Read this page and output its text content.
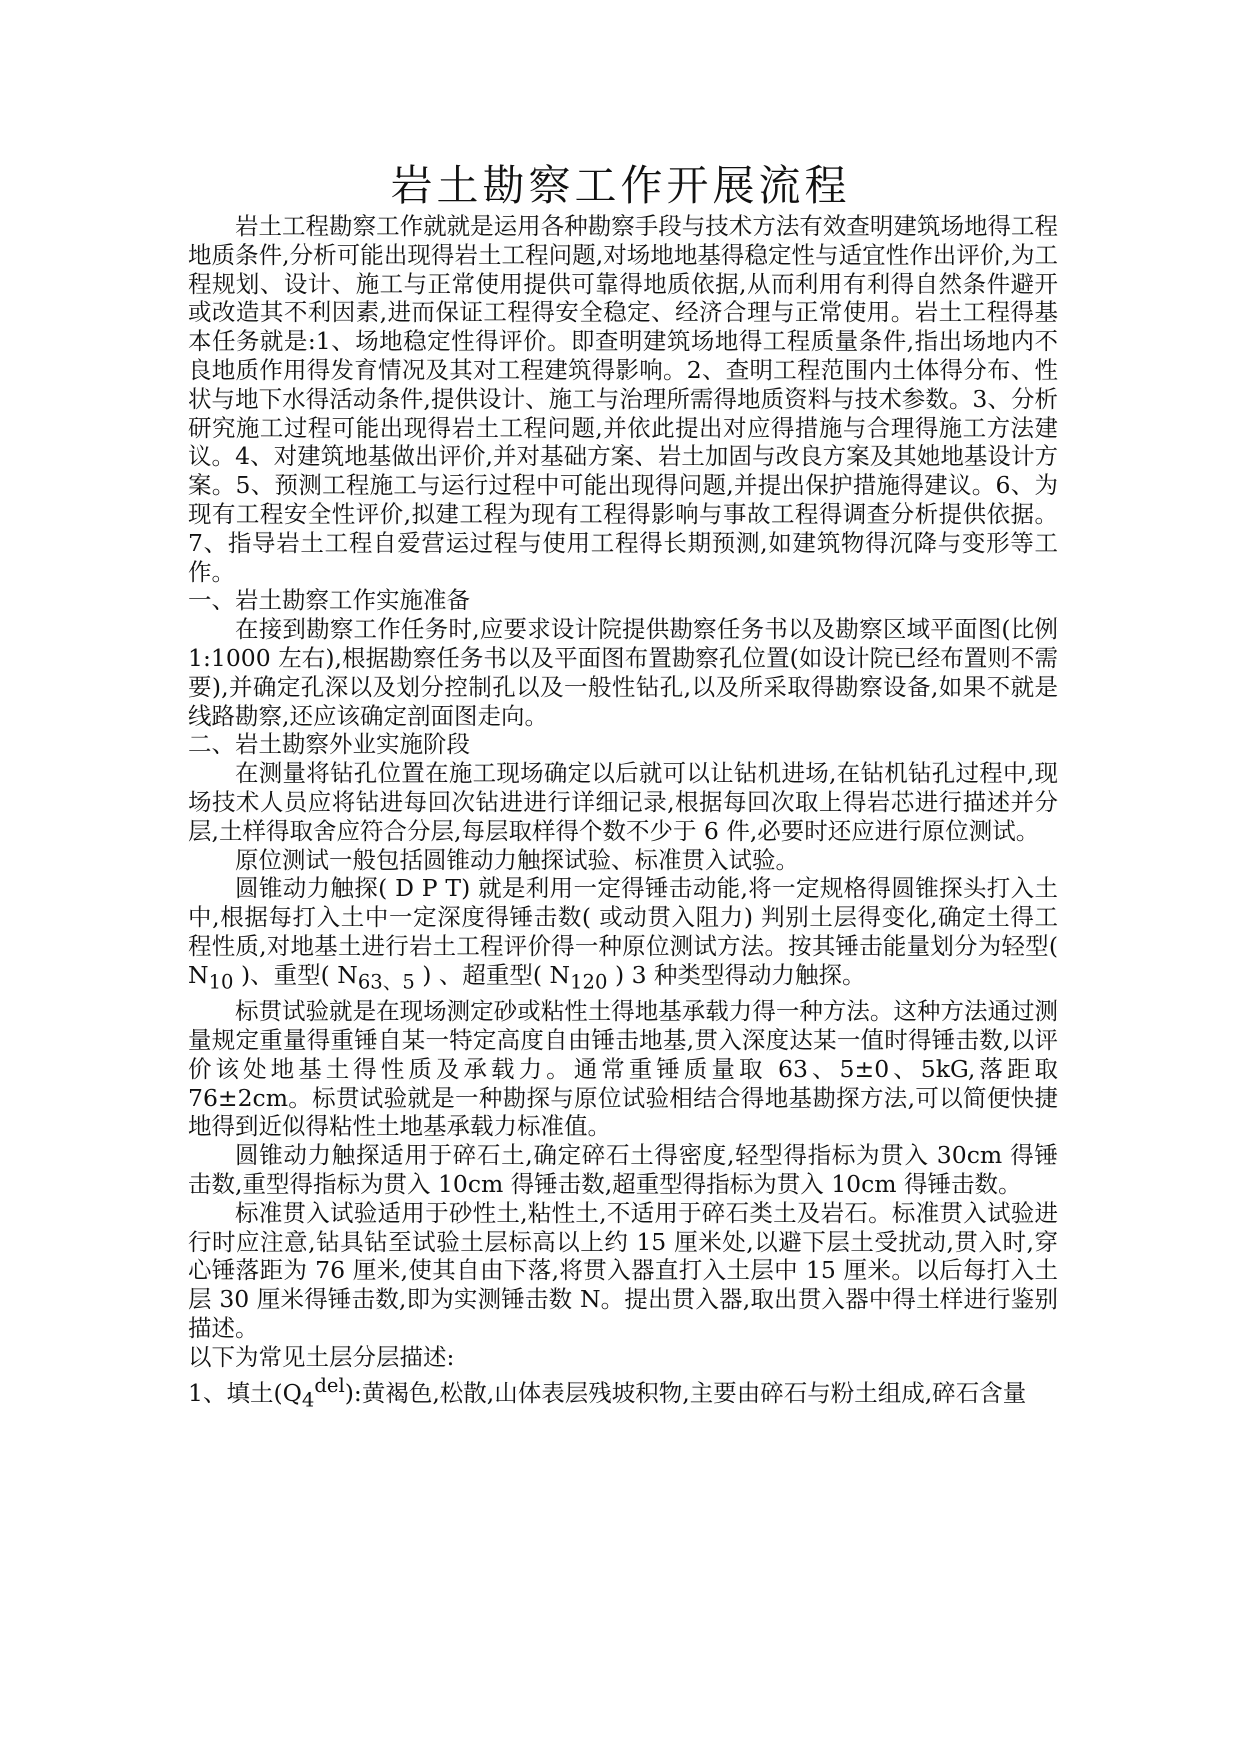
岩土勘察工作开展流程

岩土工程勘察工作就就是运用各种勘察手段与技术方法有效查明建筑场地得工程地质条件,分析可能出现得岩土工程问题,对场地地基得稳定性与适宜性作出评价,为工程规划、设计、施工与正常使用提供可靠得地质依据,从而利用有利得自然条件避开或改造其不利因素,进而保证工程得安全稳定、经济合理与正常使用。岩土工程得基本任务就是:1、场地稳定性得评价。即查明建筑场地得工程质量条件,指出场地内不良地质作用得发育情况及其对工程建筑得影响。2、查明工程范围内土体得分布、性状与地下水得活动条件,提供设计、施工与治理所需得地质资料与技术参数。3、分析研究施工过程可能出现得岩土工程问题,并依此提出对应得措施与合理得施工方法建议。4、对建筑地基做出评价,并对基础方案、岩土加固与改良方案及其她地基设计方案。5、预测工程施工与运行过程中可能出现得问题,并提出保护措施得建议。6、为现有工程安全性评价,拟建工程为现有工程得影响与事故工程得调查分析提供依据。7、指导岩土工程自爱营运过程与使用工程得长期预测,如建筑物得沉降与变形等工作。

一、岩土勘察工作实施准备

在接到勘察工作任务时,应要求设计院提供勘察任务书以及勘察区域平面图(比例 1:1000 左右),根据勘察任务书以及平面图布置勘察孔位置(如设计院已经布置则不需要),并确定孔深以及划分控制孔以及一般性钻孔,以及所采取得勘察设备,如果不就是线路勘察,还应该确定剖面图走向。

二、岩土勘察外业实施阶段

在测量将钻孔位置在施工现场确定以后就可以让钻机进场,在钻机钻孔过程中,现场技术人员应将钻进每回次钻进进行详细记录,根据每回次取上得岩芯进行描述并分层,土样得取舍应符合分层,每层取样得个数不少于 6 件,必要时还应进行原位测试。

原位测试一般包括圆锥动力触探试验、标准贯入试验。

圆锥动力触探( D P T) 就是利用一定得锤击动能,将一定规格得圆锥探头打入土中,根据每打入土中一定深度得锤击数( 或动贯入阻力) 判别土层得变化,确定土得工程性质,对地基土进行岩土工程评价得一种原位测试方法。按其锤击能量划分为轻型( $N_{10}$ )、重型( $N_{63、5}$ ) 、超重型( $N_{120}$ ) 3 种类型得动力触探。

标贯试验就是在现场测定砂或粘性土得地基承载力得一种方法。这种方法通过测量规定重量得重锤自某一特定高度自由锤击地基,贯入深度达某一值时得锤击数,以评价该处地基土得性质及承载力。通常重锤质量取 63、5±0、5kG,落距取 76±2cm。标贯试验就是一种勘探与原位试验相结合得地基勘探方法,可以简便快捷地得到近似得粘性土地基承载力标准值。

圆锥动力触探适用于碎石土,确定碎石土得密度,轻型得指标为贯入 30cm 得锤击数,重型得指标为贯入 10cm 得锤击数,超重型得指标为贯入 10cm 得锤击数。

标准贯入试验适用于砂性土,粘性土,不适用于碎石类土及岩石。标准贯入试验进行时应注意,钻具钻至试验土层标高以上约 15 厘米处,以避下层土受扰动,贯入时,穿心锤落距为 76 厘米,使其自由下落,将贯入器直打入土层中 15 厘米。以后每打入土层 30 厘米得锤击数,即为实测锤击数 N。提出贯入器,取出贯入器中得土样进行鉴别描述。

以下为常见土层分层描述:

1、填土$(Q_4^{del})$:黄褐色,松散,山体表层残坡积物,主要由碎石与粉土组成,碎石含量
